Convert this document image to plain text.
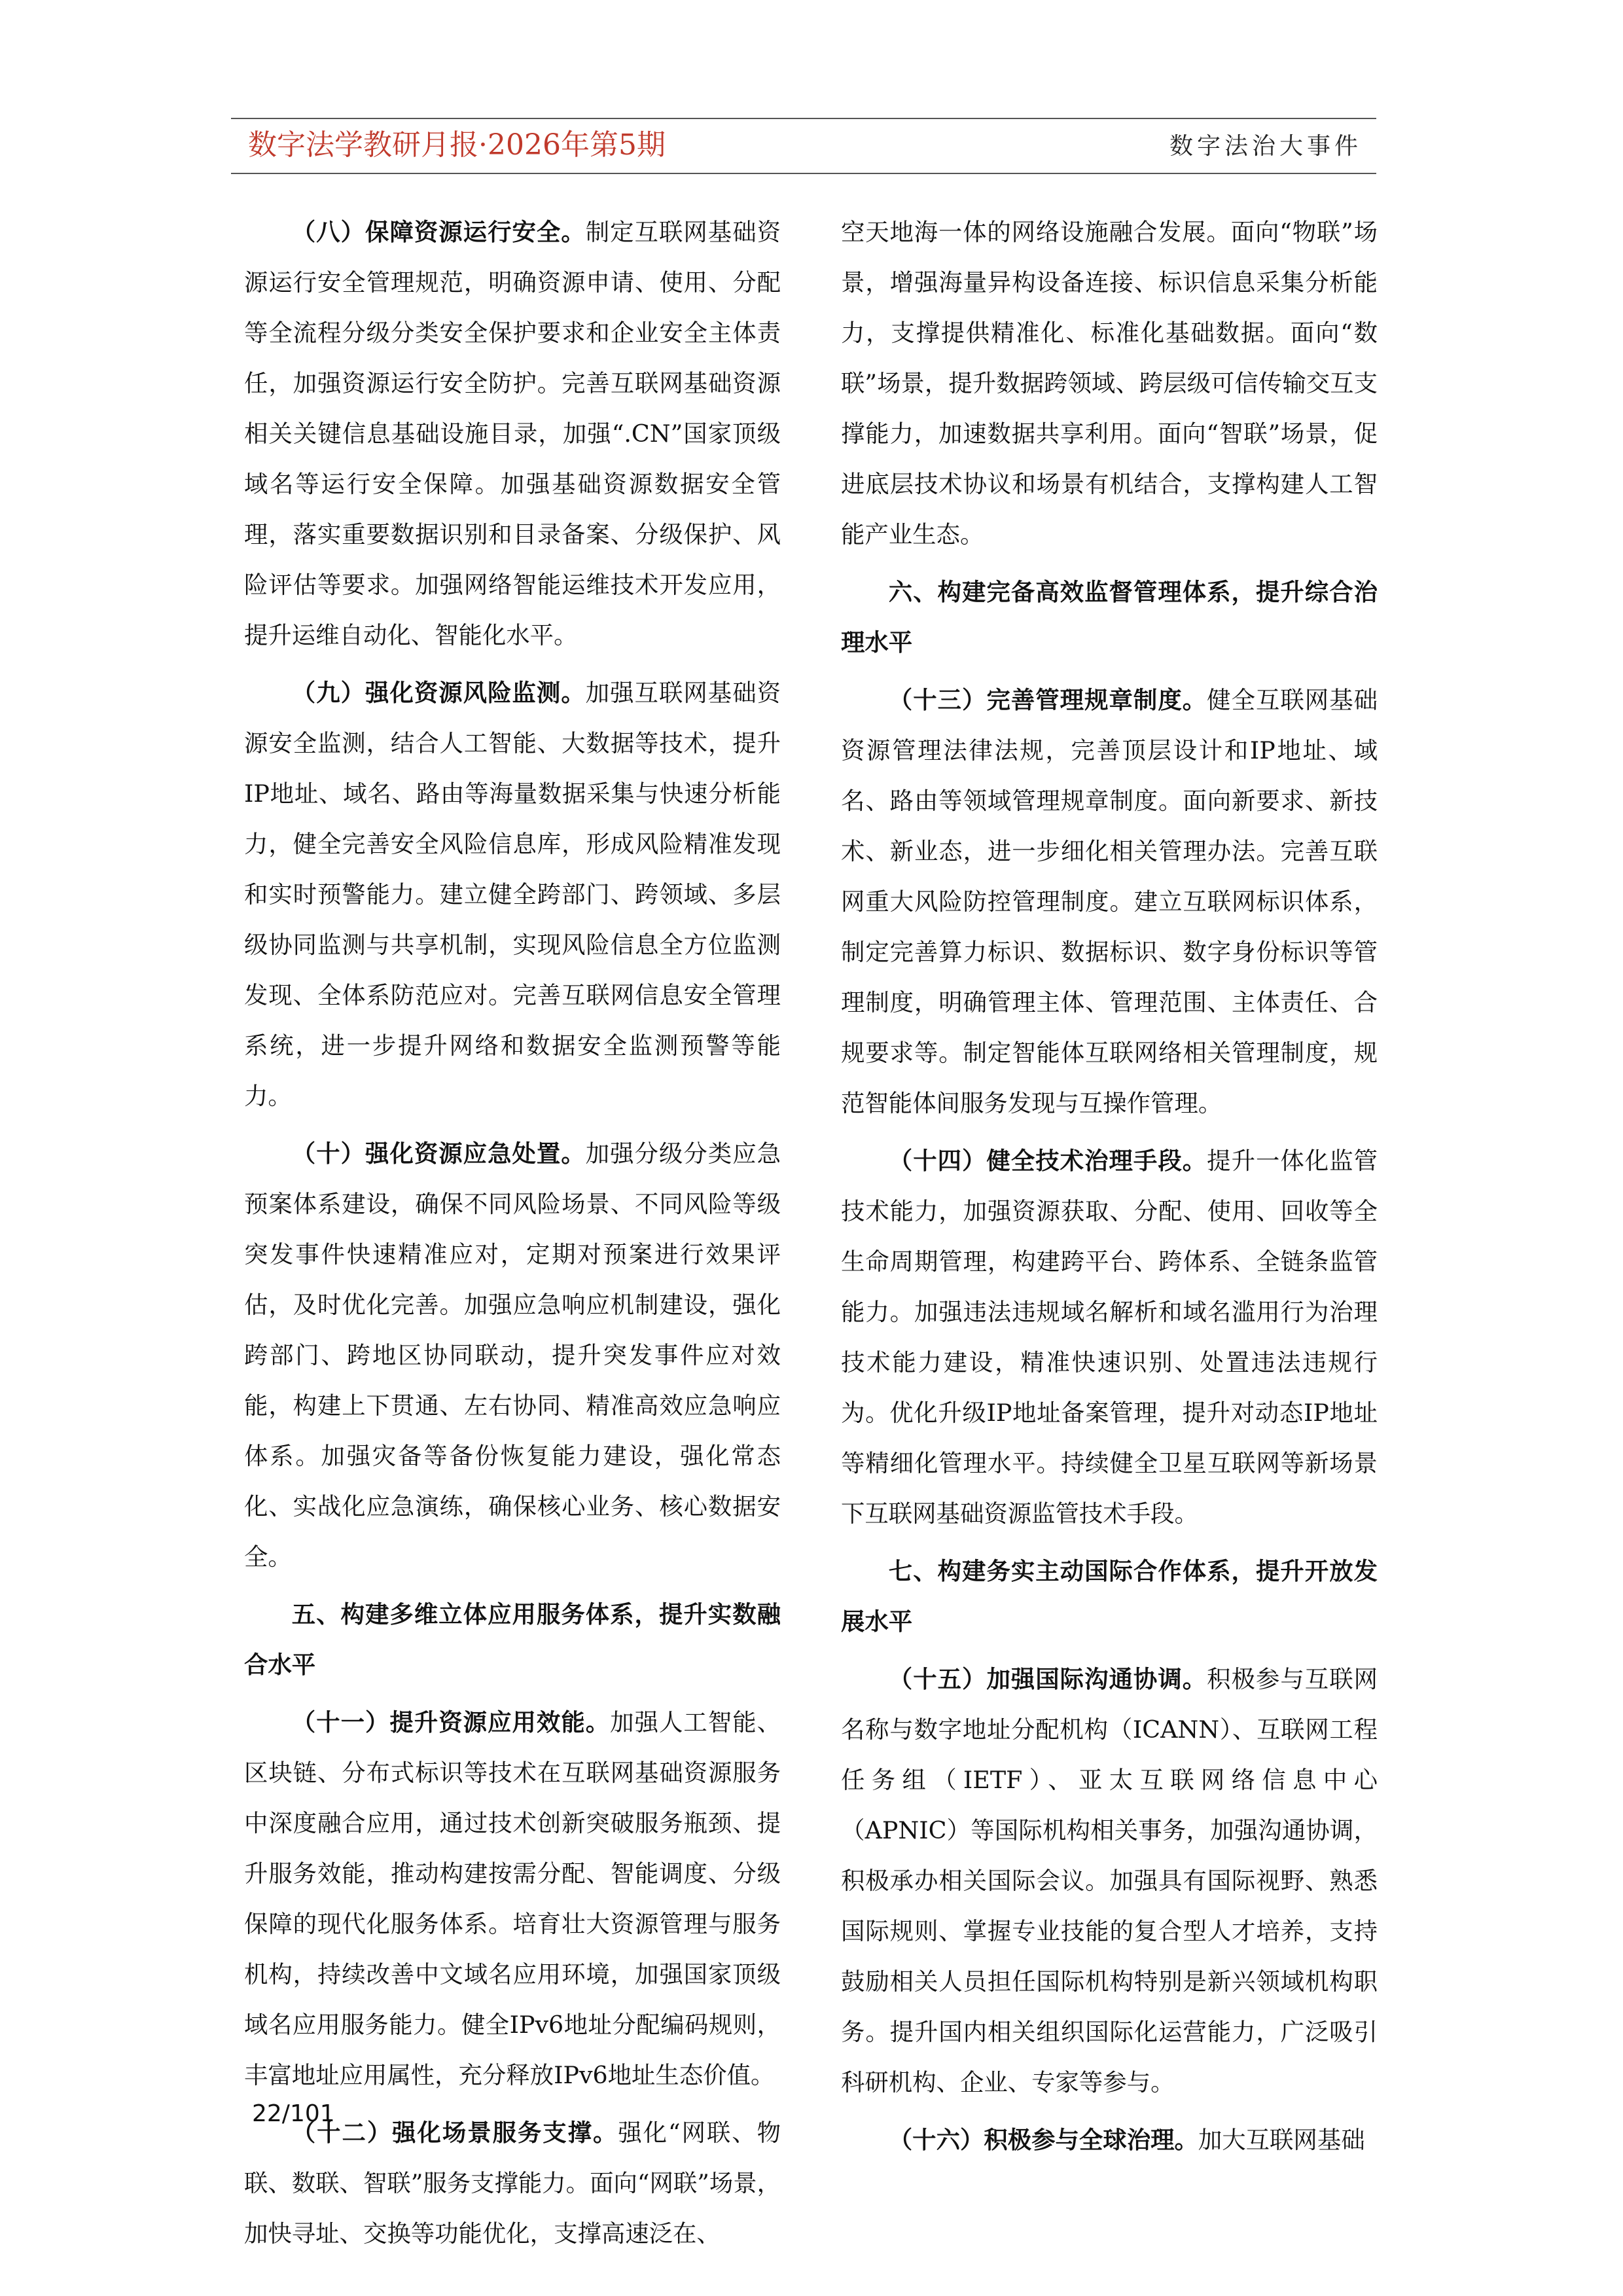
数字法学教研月报·2026年第5期	数字法治大事件

（八）保障资源运行安全。制定互联网基础资源运行安全管理规范，明确资源申请、使用、分配等全流程分级分类安全保护要求和企业安全主体责任，加强资源运行安全防护。完善互联网基础资源相关关键信息基础设施目录，加强“.CN”国家顶级域名等运行安全保障。加强基础资源数据安全管理，落实重要数据识别和目录备案、分级保护、风险评估等要求。加强网络智能运维技术开发应用，提升运维自动化、智能化水平。

（九）强化资源风险监测。加强互联网基础资源安全监测，结合人工智能、大数据等技术，提升IP地址、域名、路由等海量数据采集与快速分析能力，健全完善安全风险信息库，形成风险精准发现和实时预警能力。建立健全跨部门、跨领域、多层级协同监测与共享机制，实现风险信息全方位监测发现、全体系防范应对。完善互联网信息安全管理系统，进一步提升网络和数据安全监测预警等能力。

（十）强化资源应急处置。加强分级分类应急预案体系建设，确保不同风险场景、不同风险等级突发事件快速精准应对，定期对预案进行效果评估，及时优化完善。加强应急响应机制建设，强化跨部门、跨地区协同联动，提升突发事件应对效能，构建上下贯通、左右协同、精准高效应急响应体系。加强灾备等备份恢复能力建设，强化常态化、实战化应急演练，确保核心业务、核心数据安全。

五、构建多维立体应用服务体系，提升实数融合水平

（十一）提升资源应用效能。加强人工智能、区块链、分布式标识等技术在互联网基础资源服务中深度融合应用，通过技术创新突破服务瓶颈、提升服务效能，推动构建按需分配、智能调度、分级保障的现代化服务体系。培育壮大资源管理与服务机构，持续改善中文域名应用环境，加强国家顶级域名应用服务能力。健全IPv6地址分配编码规则，丰富地址应用属性，充分释放IPv6地址生态价值。

（十二）强化场景服务支撑。强化“网联、物联、数联、智联”服务支撑能力。面向“网联”场景，加快寻址、交换等功能优化，支撑高速泛在、

空天地海一体的网络设施融合发展。面向“物联”场景，增强海量异构设备连接、标识信息采集分析能力，支撑提供精准化、标准化基础数据。面向“数联”场景，提升数据跨领域、跨层级可信传输交互支撑能力，加速数据共享利用。面向“智联”场景，促进底层技术协议和场景有机结合，支撑构建人工智能产业生态。

六、构建完备高效监督管理体系，提升综合治理水平

（十三）完善管理规章制度。健全互联网基础资源管理法律法规，完善顶层设计和IP地址、域名、路由等领域管理规章制度。面向新要求、新技术、新业态，进一步细化相关管理办法。完善互联网重大风险防控管理制度。建立互联网标识体系，制定完善算力标识、数据标识、数字身份标识等管理制度，明确管理主体、管理范围、主体责任、合规要求等。制定智能体互联网络相关管理制度，规范智能体间服务发现与互操作管理。

（十四）健全技术治理手段。提升一体化监管技术能力，加强资源获取、分配、使用、回收等全生命周期管理，构建跨平台、跨体系、全链条监管能力。加强违法违规域名解析和域名滥用行为治理技术能力建设，精准快速识别、处置违法违规行为。优化升级IP地址备案管理，提升对动态IP地址等精细化管理水平。持续健全卫星互联网等新场景下互联网基础资源监管技术手段。

七、构建务实主动国际合作体系，提升开放发展水平

（十五）加强国际沟通协调。积极参与互联网名称与数字地址分配机构（ICANN）、互联网工程任务组（IETF）、亚太互联网络信息中心（APNIC）等国际机构相关事务，加强沟通协调，积极承办相关国际会议。加强具有国际视野、熟悉国际规则、掌握专业技能的复合型人才培养，支持鼓励相关人员担任国际机构特别是新兴领域机构职务。提升国内相关组织国际化运营能力，广泛吸引科研机构、企业、专家等参与。

（十六）积极参与全球治理。加大互联网基础

22/101
